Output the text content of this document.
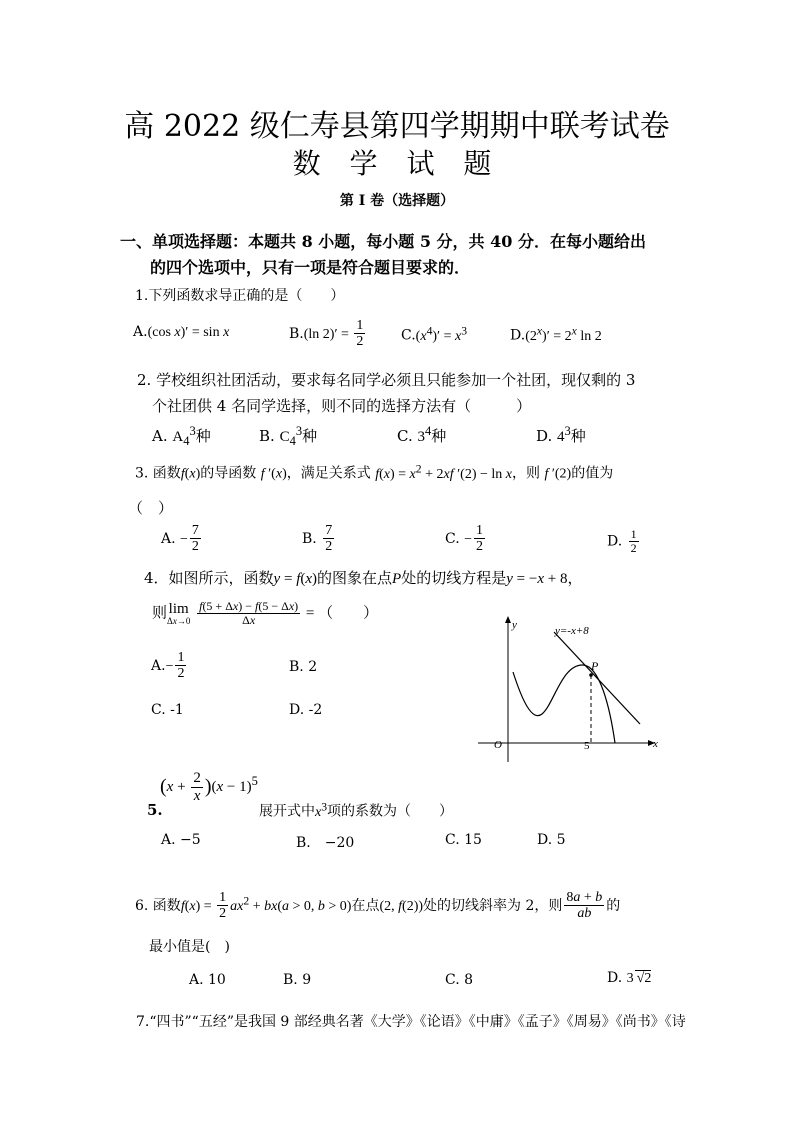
高 2022 级仁寿县第四学期期中联考试卷
数 学 试 题
第 I 卷（选择题）
一、单项选择题：本题共 8 小题，每小题 5 分，共 40 分．在每小题给出
的四个选项中，只有一项是符合题目要求的．
1.下列函数求导正确的是（　　）
A.(cos x)′ = sin x	B.(ln $2)' = \frac{1}{2}$	$C.(x^4)' = x^3$	$D.(2^x)' = 2^x$ ln 2
2. 学校组织社团活动，要求每名同学必须且只能参加一个社团，现仅剩的 3
个社团供 4 名同学选择，则不同的选择方法有（　　　）
A. $A_4^3$种	B. $C_4^3$种	C. $3^4$种	D. $4^3$种
3. 函数f(x)的导函数 f ′(x)，满足关系式 $f(x) = x^2 + 2xf$ ′(2) − ln x，则 f ′(2)的值为
（　）
A. − $\frac{7}{2}$	B. $\frac{7}{2}$	C. − $\frac{1}{2}$	D. $\frac{1}{2}$
4．如图所示，函数y = f(x)的图象在点P处的切线方程是y = −x + 8，
则 lim
Δx→0
$\frac{f(5 + \Delta x) - f(5 - \Delta x)}{\Delta x}$ = （　　）
$A.- \frac{1}{2}$	B. 2
C. -1	D. -2
y
x
O
P
5
y=-x+8
$(x + \frac{2}{x} )(x - 1)^5$
5.	展开式中$x^3$项的系数为（　　）
A. −5	B.　−20	C. 15	D. 5
6. 函数$f(x) = \frac{1}{2} ax^2 + bx(a > 0$, b > 0)在点(2, f(2))处的切线斜率为 2，则 $\frac{8a + b}{ab}$ 的
最小值是(　)
A. 10	B. 9	C. 8	D. 3 √2
7.“四书”“五经”是我国 9 部经典名著《大学》《论语》《中庸》《孟子》《周易》《尚书》《诗
